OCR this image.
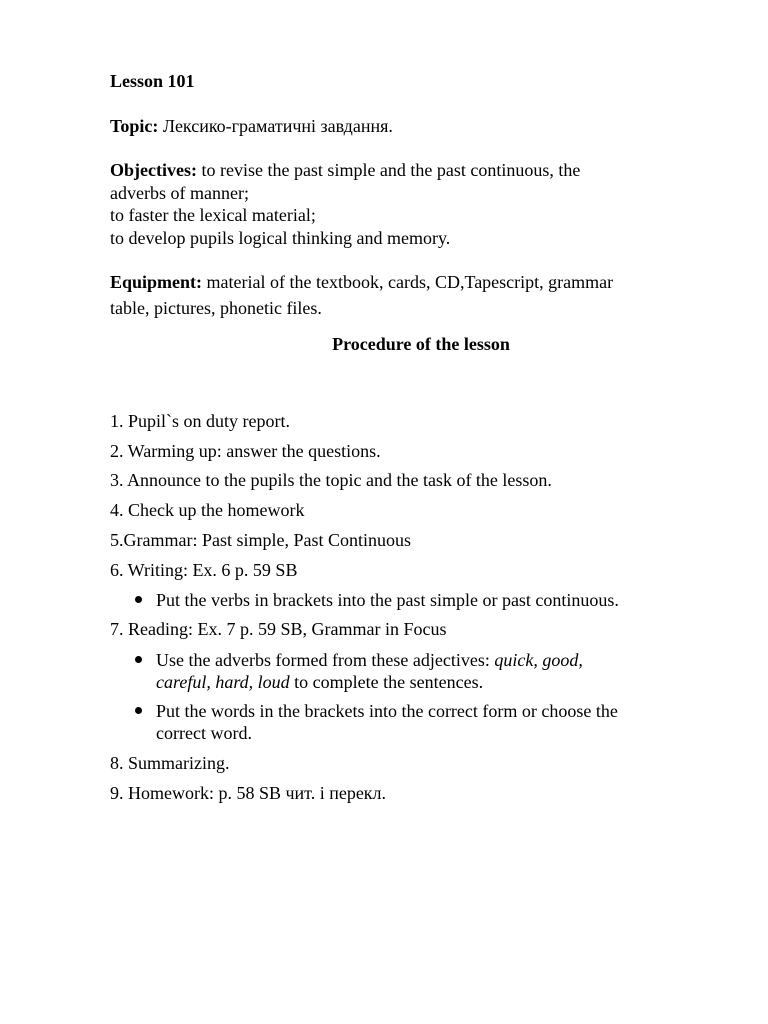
Lesson 101
Topic: Лексико-граматичні завдання.
Objectives: to revise the past simple and the past continuous, the
adverbs of manner;
to faster the lexical material;
to develop pupils logical thinking and memory.
Equipment: material of the textbook, cards, CD,Tapescript, grammar
table, pictures, phonetic files.
Procedure of the lesson
1. Pupil`s on duty report.
2. Warming up: answer the questions.
3. Announce to the pupils the topic and the task of the lesson.
4. Check up the homework
5.Grammar: Past simple, Past Continuous
6. Writing: Ex. 6 p. 59 SB
Put the verbs in brackets into the past simple or past continuous.
7. Reading: Ex. 7 p. 59 SB, Grammar in Focus
Use the adverbs formed from these adjectives: quick, good,
careful, hard, loud to complete the sentences.
Put the words in the brackets into the correct form or choose the
correct word.
8. Summarizing.
9. Homework: p. 58 SB чит. і перекл.
